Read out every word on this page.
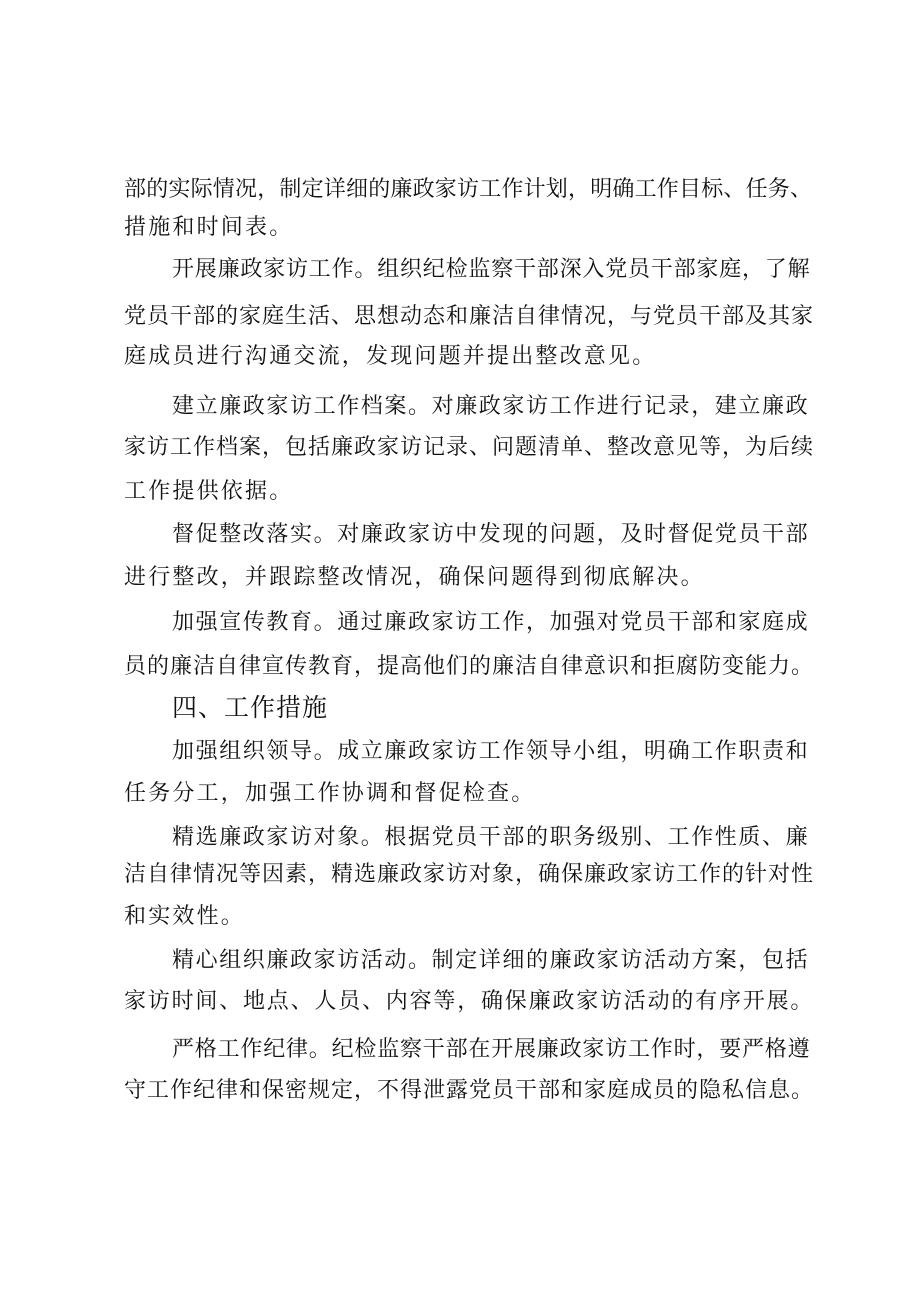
部的实际情况，制定详细的廉政家访工作计划，明确工作目标、任务、
措施和时间表。
开展廉政家访工作。组织纪检监察干部深入党员干部家庭，了解
党员干部的家庭生活、思想动态和廉洁自律情况，与党员干部及其家
庭成员进行沟通交流，发现问题并提出整改意见。
建立廉政家访工作档案。对廉政家访工作进行记录，建立廉政
家访工作档案，包括廉政家访记录、问题清单、整改意见等，为后续
工作提供依据。
督促整改落实。对廉政家访中发现的问题，及时督促党员干部
进行整改，并跟踪整改情况，确保问题得到彻底解决。
加强宣传教育。通过廉政家访工作，加强对党员干部和家庭成
员的廉洁自律宣传教育，提高他们的廉洁自律意识和拒腐防变能力。
四、工作措施
加强组织领导。成立廉政家访工作领导小组，明确工作职责和
任务分工，加强工作协调和督促检查。
精选廉政家访对象。根据党员干部的职务级别、工作性质、廉
洁自律情况等因素，精选廉政家访对象，确保廉政家访工作的针对性
和实效性。
精心组织廉政家访活动。制定详细的廉政家访活动方案，包括
家访时间、地点、人员、内容等，确保廉政家访活动的有序开展。
严格工作纪律。纪检监察干部在开展廉政家访工作时，要严格遵
守工作纪律和保密规定，不得泄露党员干部和家庭成员的隐私信息。
